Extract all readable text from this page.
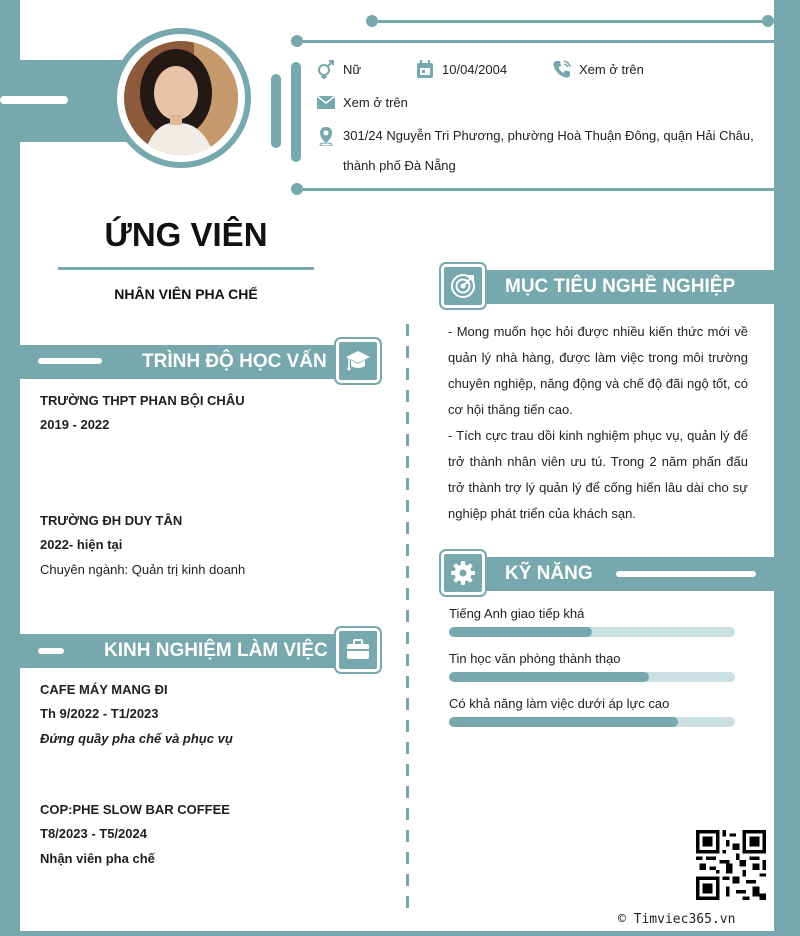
Nữ	10/04/2004	Xem ở trên
Xem ở trên
301/24 Nguyễn Tri Phương, phường Hoà Thuận Đông, quận Hải Châu,
thành phố Đà Nẵng
ỨNG VIÊN
NHÂN VIÊN PHA CHẾ
TRÌNH ĐỘ HỌC VẤN
TRƯỜNG THPT PHAN BỘI CHÂU
2019 - 2022
TRƯỜNG ĐH DUY TÂN
2022- hiện tại
Chuyên ngành: Quản trị kinh doanh
KINH NGHIỆM LÀM VIỆC
CAFE MÁY MANG ĐI
Th 9/2022 - T1/2023
Đứng quầy pha chế và phục vụ
COP:PHE SLOW BAR COFFEE
T8/2023 - T5/2024
Nhận viên pha chế
MỤC TIÊU NGHỀ NGHIỆP
- Mong muốn học hỏi được nhiều kiến thức mới về quản lý nhà hàng, được làm việc trong môi trường chuyên nghiệp, năng động và chế độ đãi ngộ tốt, có cơ hội thăng tiến cao.
- Tích cực trau dồi kinh nghiệm phục vụ, quản lý để trở thành nhân viên ưu tú. Trong 2 năm phấn đấu trở thành trợ lý quản lý để cống hiến lâu dài cho sự nghiệp phát triển của khách sạn.
KỸ NĂNG
Tiếng Anh giao tiếp khá
Tin học văn phòng thành thạo
Có khả năng làm việc dưới áp lực cao
© Timviec365.vn
